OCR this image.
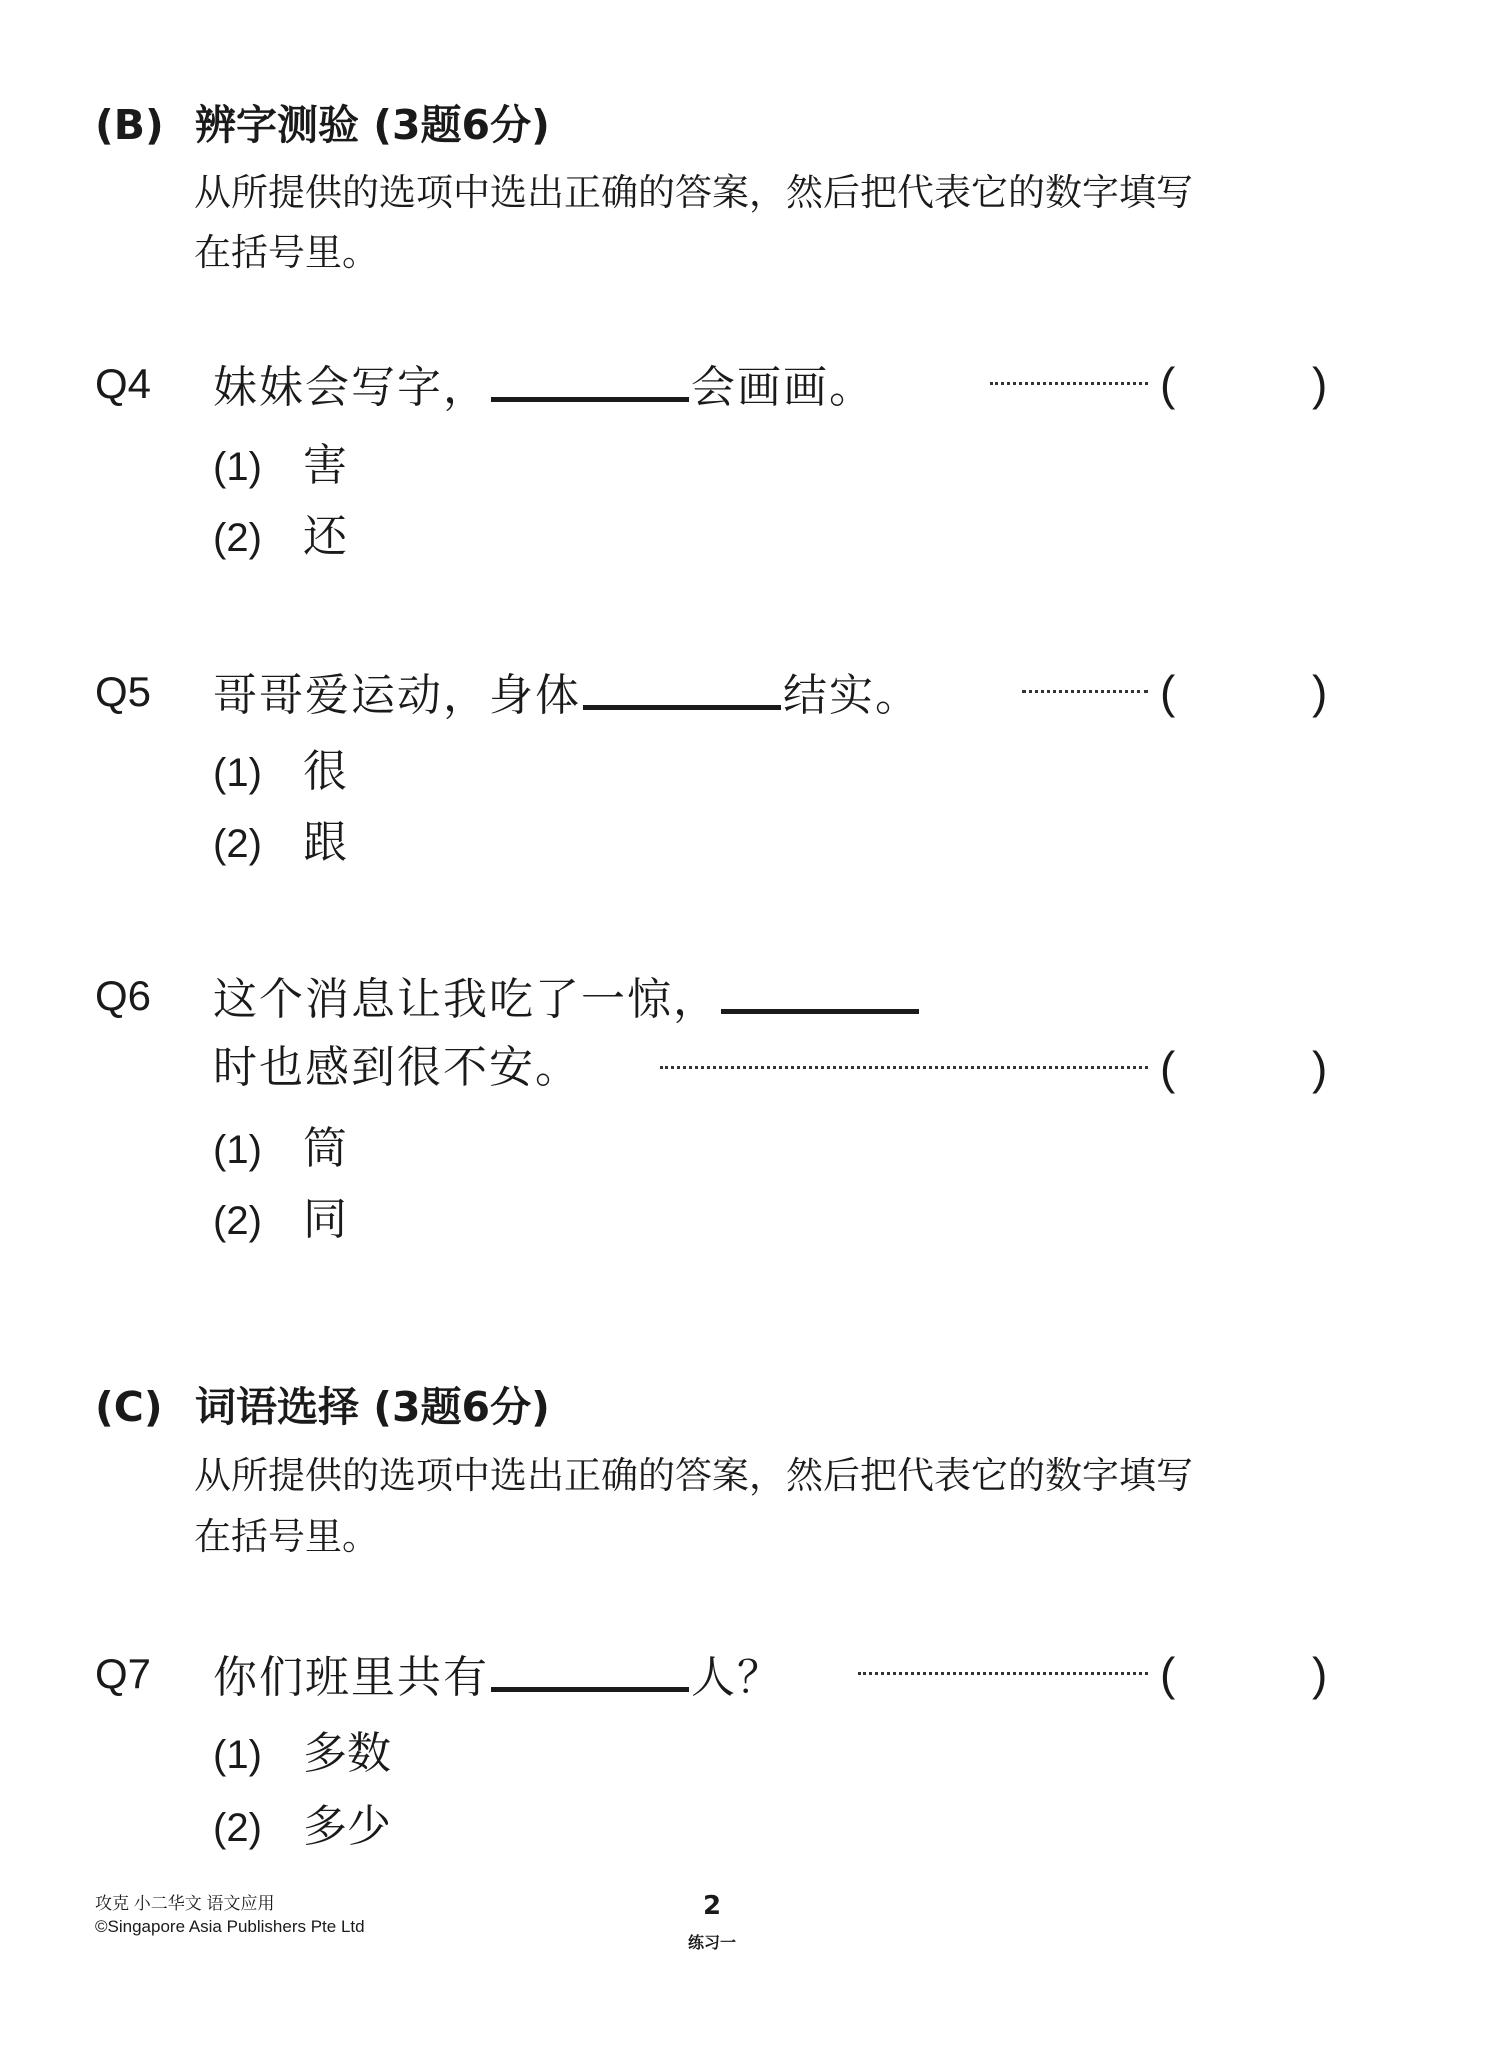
(B) 辨字测验 (3题6分)
从所提供的选项中选出正确的答案，然后把代表它的数字填写
在括号里。
Q4 妹妹会写字，	会画画。	(	)
(1) 害
(2) 还
Q5 哥哥爱运动，身体	结实。	(	)
(1) 很
(2) 跟
Q6 这个消息让我吃了一惊，
时也感到很不安。	(	)
(1) 筒
(2) 同
(C) 词语选择 (3题6分)
从所提供的选项中选出正确的答案，然后把代表它的数字填写
在括号里。
Q7 你们班里共有	人？	(	)
(1) 多数
(2) 多少
攻克 小二华文 语文应用
©Singapore Asia Publishers Pte Ltd
2
练习一
